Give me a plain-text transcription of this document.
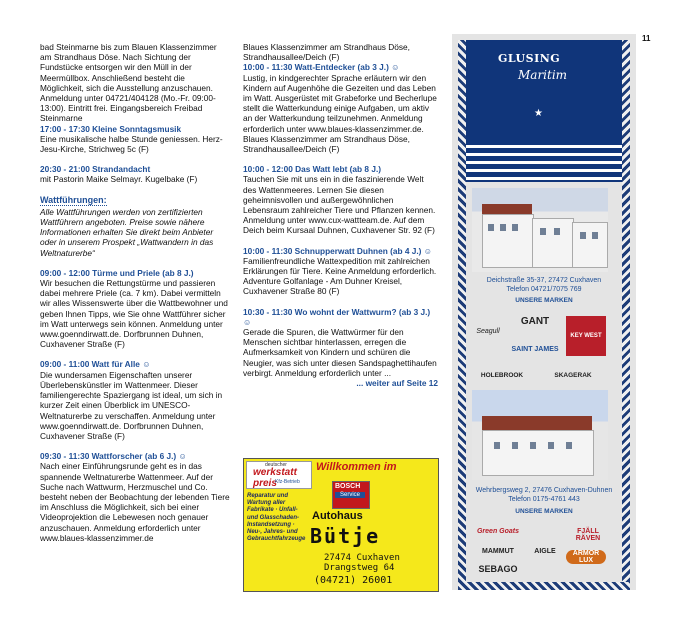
11

bad Steinmarne bis zum Blauen Klassenzimmer am Strandhaus Döse. Nach Sichtung der Fundstücke entsorgen wir den Müll in der Meermüllbox. Anschließend besteht die Möglichkeit, sich die Ausstellung anzuschauen. Anmeldung unter 04721/404128 (Mo.-Fr. 09:00-13:00). Eintritt frei. Eingangsbereich Freibad Steinmarne

17:00 - 17:30 Kleine Sonntagsmusik

Eine musikalische halbe Stunde geniessen. Herz-Jesu-Kirche, Strichweg 5c (F)

20:30 - 21:00 Strandandacht

mit Pastorin Maike Selmayr. Kugelbake (F)

Wattführungen:

Alle Wattführungen werden von zertifizierten Wattführern angeboten. Preise sowie nähere Informationen erhalten Sie direkt beim Anbieter oder in unserem Prospekt „Wattwandern in das Weltnaturerbe“

09:00 - 12:00 Türme und Priele (ab 8 J.)

Wir besuchen die Rettungstürme und passieren dabei mehrere Priele (ca. 7 km). Dabei vermitteln wir alles Wissenswerte über die Wattbewohner und geben Ihnen Tipps, wie Sie ohne Wattführer sicher im Watt unterwegs sein können. Anmeldung unter www.goenndirwatt.de. Dorfbrunnen Duhnen, Cuxhavener Straße (F)

09:00 - 11:00 Watt für Alle ☺

Die wundersamen Eigenschaften unserer Überlebenskünstler im Wattenmeer. Dieser familiengerechte Spaziergang ist ideal, um sich in kurzer Zeit einen Überblick im UNESCO-Weltnaturerbe zu verschaffen. Anmeldung unter www.goenndirwatt.de. Dorfbrunnen Duhnen, Cuxhavener Straße (F)

09:30 - 11:30 Wattforscher (ab 6 J.) ☺

Nach einer Einführungsrunde geht es in das spannende Weltnaturerbe Wattenmeer. Auf der Suche nach Wattwurm, Herzmuschel und Co. besteht neben der Beobachtung der lebenden Tiere im Anschluss die Möglichkeit, sich bei einer Videoprojektion die Lebewesen noch genauer anzuschauen. Anmeldung erforderlich unter www.blaues-klassenzimmer.de

Blaues Klassenzimmer am Strandhaus Döse, Strandhausallee/Deich (F)

10:00 - 11:30 Watt-Entdecker (ab 3 J.) ☺

Lustig, in kindgerechter Sprache erläutern wir den Kindern auf Augenhöhe die Gezeiten und das Leben im Watt. Ausgerüstet mit Grabeforke und Becherlupe stellt die Watterkundung einige Aufgaben, um aktiv an der Watterkundung teilzunehmen. Anmeldung erforderlich unter www.blaues-klassenzimmer.de. Blaues Klassenzimmer am Strandhaus Döse, Strandhausallee/Deich (F)

10:00 - 12:00 Das Watt lebt (ab 8 J.)

Tauchen Sie mit uns ein in die faszinierende Welt des Wattenmeeres. Lernen Sie diesen geheimnisvollen und außergewöhnlichen Lebensraum zahlreicher Tiere und Pflanzen kennen. Anmeldung unter www.cux-wattteam.de. Auf dem Deich beim Kursaal Duhnen, Cuxhavener Str. 92 (F)

10:00 - 11:30 Schnupperwatt Duhnen (ab 4 J.) ☺

Familienfreundliche Wattexpedition mit zahlreichen Erklärungen für Tiere. Keine Anmeldung erforderlich. Adventure Golfanlage - Am Duhner Kreisel, Cuxhavener Straße 80 (F)

10:30 - 11:30 Wo wohnt der Wattwurm? (ab 3 J.) ☺

Gerade die Spuren, die Wattwürmer für den Menschen sichtbar hinterlassen, erregen die Aufmerksamkeit von Kindern und schüren die Neugier, was sich unter diesen Sandspaghettihaufen verbirgt. Anmeldung erforderlich unter ...

... weiter auf Seite 12

deutscher
werkstatt preis
Kfz-Betrieb
Willkommen im
Reparatur und Wartung aller Fabrikate · Unfall- und Glasschaden-Instandsetzung · Neu-, Jahres- und Gebrauchtfahrzeuge
BOSCH
Service
Autohaus
Bütje
27474 Cuxhaven
Drangstweg 64
(04721) 26001
GLUSING
Maritim
★
Deichstraße 35-37, 27472 Cuxhaven
Telefon 04721/7075 769
UNSERE MARKEN
Seagull
GANT
SAINT JAMES
KEY WEST
HOLEBROOK	SKAGERAK
Wehrbergsweg 2, 27476 Cuxhaven-Duhnen
Telefon 0175-4761 443
UNSERE MARKEN
Green Goats	FJÄLL RÄVEN
MAMMUT	AIGLE	ARMOR LUX
SEBAGO
